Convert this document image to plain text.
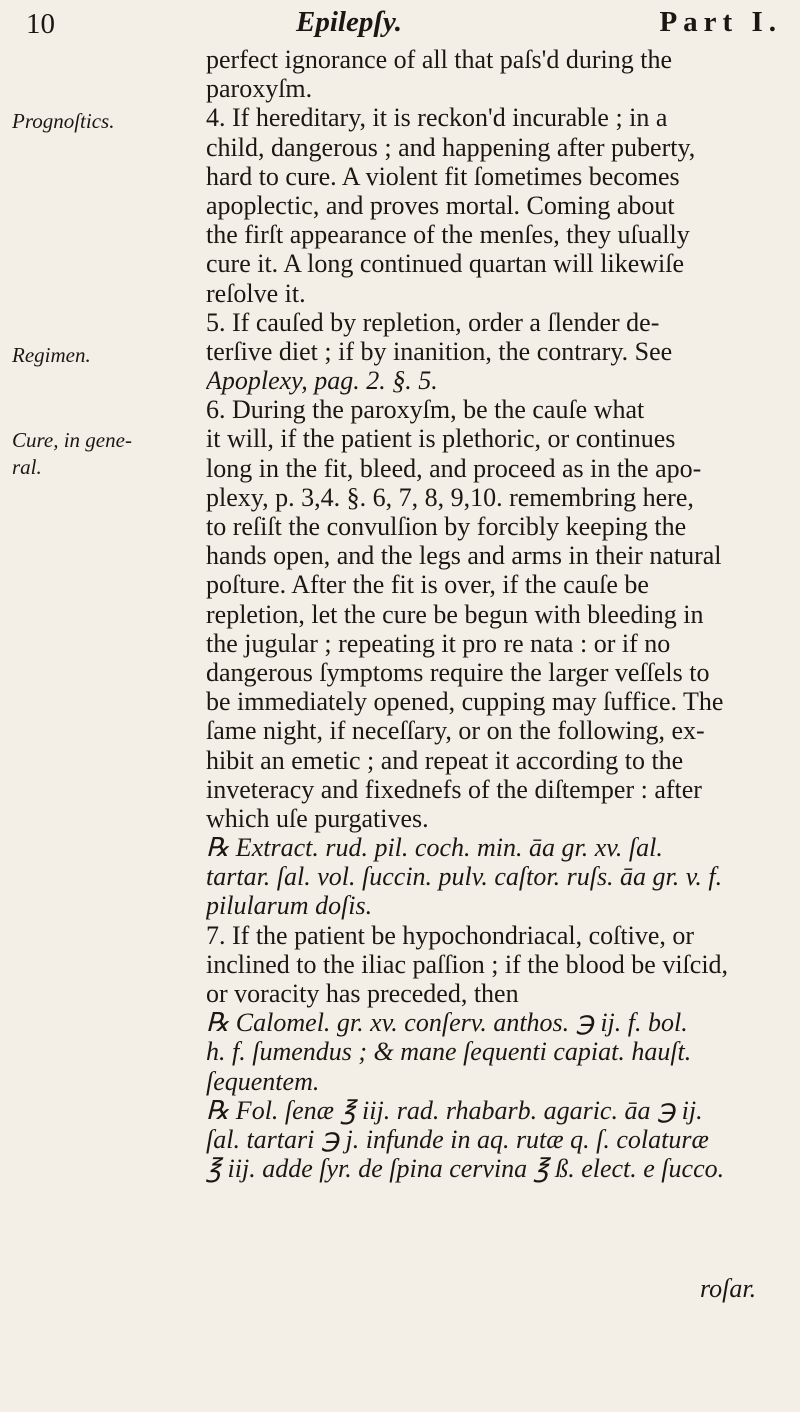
10	Epilepſy.	Part I.
Prognoſtics.
Regimen.
Cure, in gene-
ral.
perfect ignorance of all that paſs'd during the
paroxyſm.
4. If hereditary, it is reckon'd incurable ; in a
child, dangerous ; and happening after puberty,
hard to cure. A violent fit ſometimes becomes
apoplectic, and proves mortal. Coming about
the firſt appearance of the menſes, they uſually
cure it. A long continued quartan will likewiſe
reſolve it.
5. If cauſed by repletion, order a ſlender de-
terſive diet ; if by inanition, the contrary. See
Apoplexy, pag. 2. §. 5.
6. During the paroxyſm, be the cauſe what
it will, if the patient is plethoric, or continues
long in the fit, bleed, and proceed as in the apo-
plexy, p. 3,4. §. 6, 7, 8, 9,10. remembring here,
to reſiſt the convulſion by forcibly keeping the
hands open, and the legs and arms in their natural
poſture. After the fit is over, if the cauſe be
repletion, let the cure be begun with bleeding in
the jugular ; repeating it pro re nata : or if no
dangerous ſymptoms require the larger veſſels to
be immediately opened, cupping may ſuffice. The
ſame night, if neceſſary, or on the following, ex-
hibit an emetic ; and repeat it according to the
inveteracy and fixednefs of the diſtemper : after
which uſe purgatives.
℞ Extract. rud. pil. coch. min. āa gr. xv. ſal.
tartar. ſal. vol. ſuccin. pulv. caſtor. ruſs. āa gr. v. f.
pilularum doſis.
7. If the patient be hypochondriacal, coſtive, or
inclined to the iliac paſſion ; if the blood be viſcid,
or voracity has preceded, then
℞ Calomel. gr. xv. conſerv. anthos. ℈ ij. f. bol.
h. f. ſumendus ; & mane ſequenti capiat. hauſt.
ſequentem.
℞ Fol. ſenæ ℥ iij. rad. rhabarb. agaric. āa ℈ ij.
ſal. tartari ℈ j. infunde in aq. rutæ q. ſ. colaturæ
℥ iij. adde ſyr. de ſpina cervina ℥ ß. elect. e ſucco.
roſar.
